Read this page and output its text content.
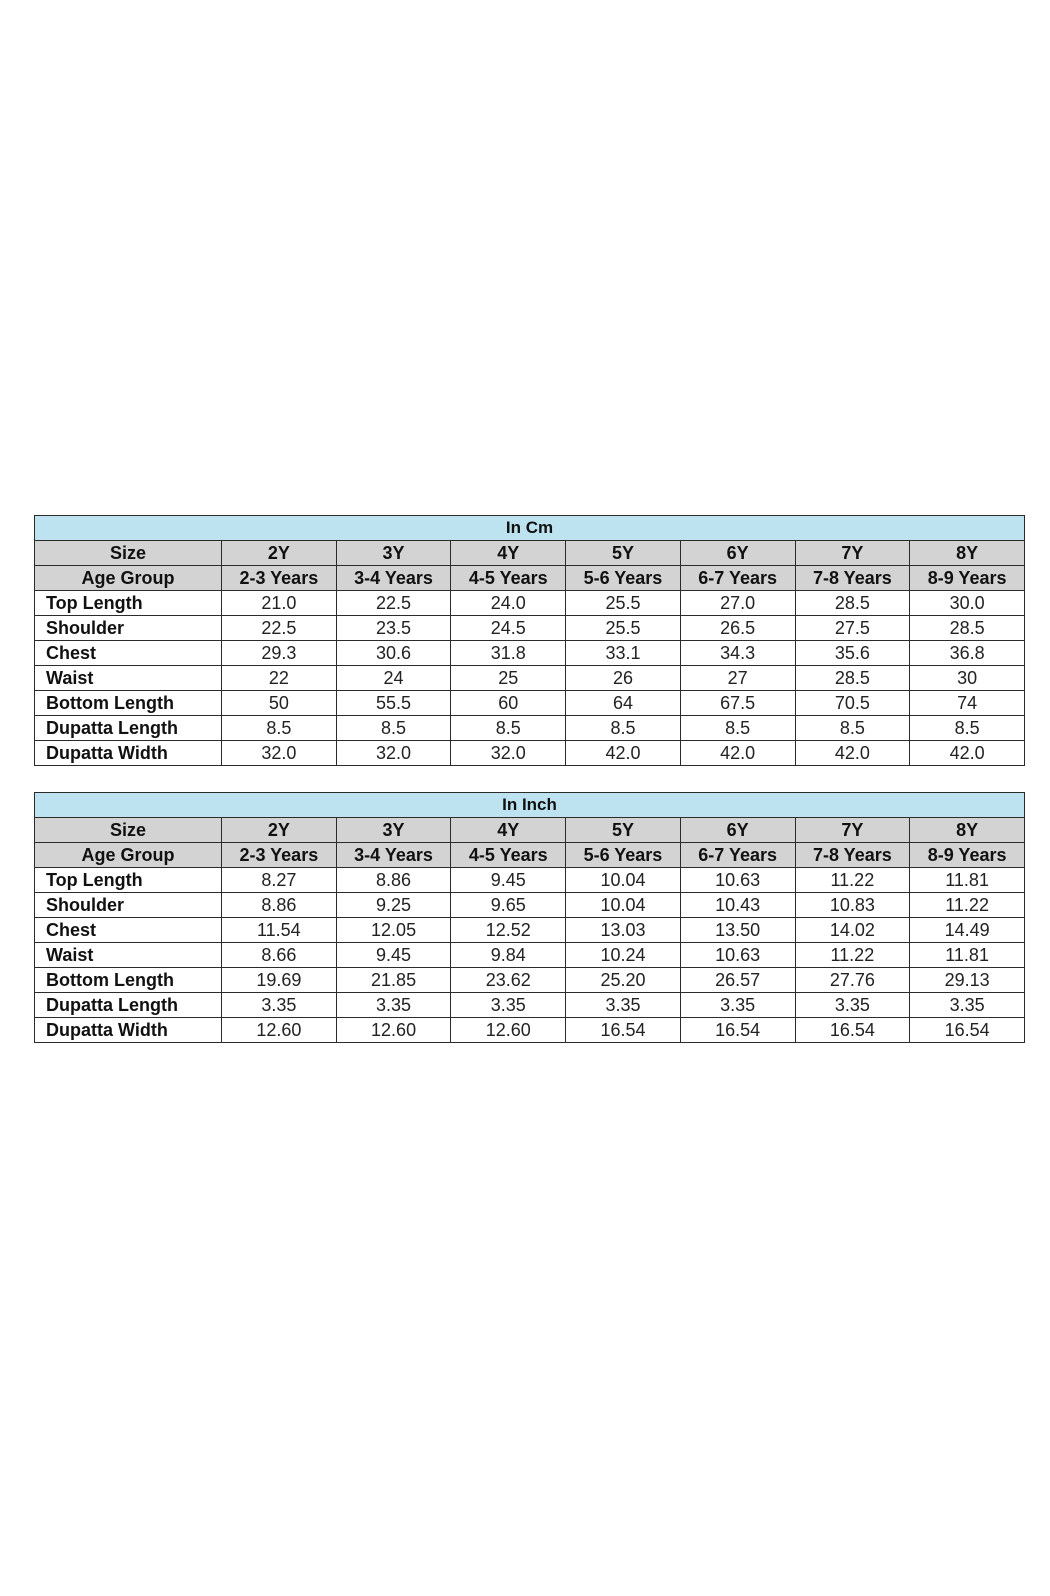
In Cm							
Size	2Y	3Y	4Y	5Y	6Y	7Y	8Y
Age Group	2-3 Years	3-4 Years	4-5 Years	5-6 Years	6-7 Years	7-8 Years	8-9 Years
Top Length	21.0	22.5	24.0	25.5	27.0	28.5	30.0
Shoulder	22.5	23.5	24.5	25.5	26.5	27.5	28.5
Chest	29.3	30.6	31.8	33.1	34.3	35.6	36.8
Waist	22	24	25	26	27	28.5	30
Bottom Length	50	55.5	60	64	67.5	70.5	74
Dupatta Length	8.5	8.5	8.5	8.5	8.5	8.5	8.5
Dupatta Width	32.0	32.0	32.0	42.0	42.0	42.0	42.0
In Inch							
Size	2Y	3Y	4Y	5Y	6Y	7Y	8Y
Age Group	2-3 Years	3-4 Years	4-5 Years	5-6 Years	6-7 Years	7-8 Years	8-9 Years
Top Length	8.27	8.86	9.45	10.04	10.63	11.22	11.81
Shoulder	8.86	9.25	9.65	10.04	10.43	10.83	11.22
Chest	11.54	12.05	12.52	13.03	13.50	14.02	14.49
Waist	8.66	9.45	9.84	10.24	10.63	11.22	11.81
Bottom Length	19.69	21.85	23.62	25.20	26.57	27.76	29.13
Dupatta Length	3.35	3.35	3.35	3.35	3.35	3.35	3.35
Dupatta Width	12.60	12.60	12.60	16.54	16.54	16.54	16.54
